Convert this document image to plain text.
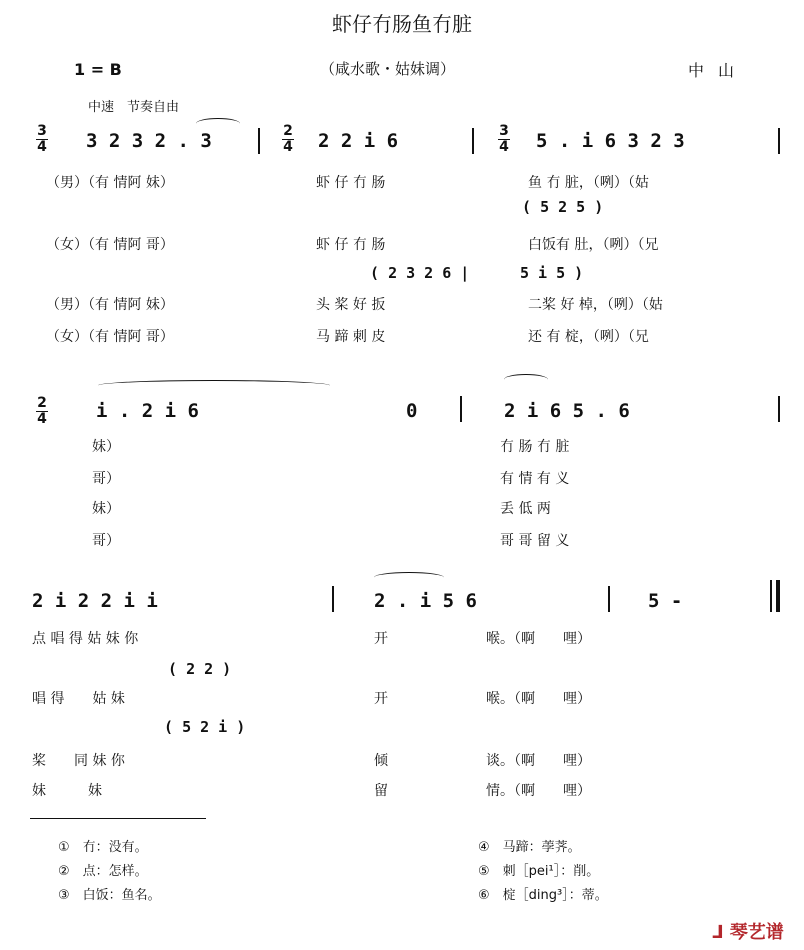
虾仔冇肠鱼冇脏
1 = B	（咸水歌・姑妹调）	中山
中速　节奏自由
3
4 3 2 3 2 . 3	2
4 2 2 i 6	3
4 5 . i 6 3 2 3
（男）（有 情阿 妹）	虾 仔 冇 肠	鱼 冇 脏，（咧）（姑
( 5 2 5 )
（女）（有 情阿 哥）	虾 仔 冇 肠	白饭有 肚，（咧）（兄
( 2 3 2 6 |	5 i 5 )
（男）（有 情阿 妹）	头 桨 好 扳	二桨 好 棹，（咧）（姑
（女）（有 情阿 哥）	马 蹄 刺 皮	还 有 椗，（咧）（兄
2
4	i . 2 i 6	0	2 i 6 5 . 6
妹）	冇 肠 冇 脏
哥）	有 情 有 义
妹）	丢 低 两
哥）	哥 哥 留 义
2 i 2 2 i i	2 . i 5 6	5 -
点 唱 得 姑 妹 你	开	喉。（啊　　哩）
( 2 2 )
唱 得　　姑 妹	开	喉。（啊　　哩）
( 5 2 i )
桨　　同 妹 你	倾	谈。（啊　　哩）
妹　　　妹	留	情。（啊　　哩）
①　 冇：没有。
②　 点：怎样。
③　 白饭：鱼名。
④　 马蹄：荸荠。
⑤　 刺［pei¹］：削。
⑥　 椗［ding³］：蒂。
⅃ 琴艺谱
